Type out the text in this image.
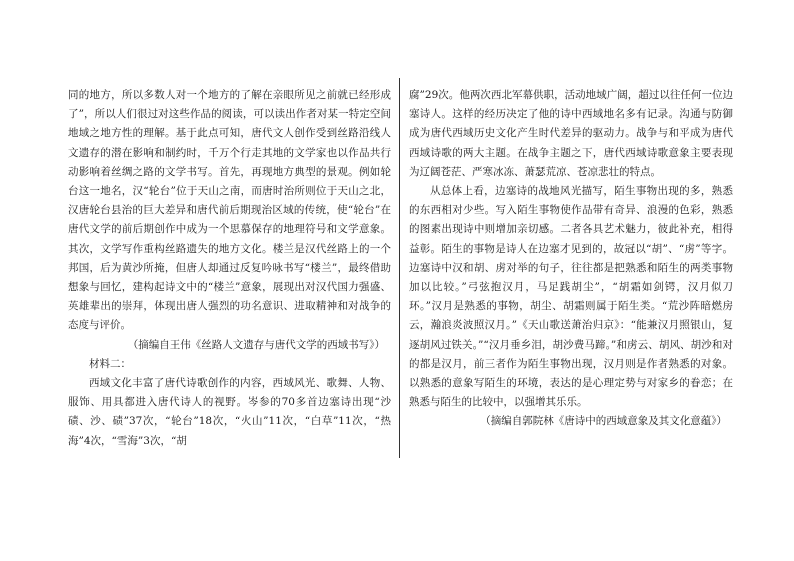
同的地方，所以多数人对一个地方的了解在亲眼所见之前就已经形成了”，所以人们很过对这些作品的阅读，可以读出作者对某一特定空间地域之地方性的理解。基于此点可知，唐代文人创作受到丝路沿线人文遗存的潜在影响和制约时，千万个行走其地的文学家也以作品共行动影响着丝绸之路的文学书写。首先，再现地方典型的景观。例如轮台这一地名，汉“轮台”位于天山之南，而唐时治所则位于天山之北，汉唐轮台县治的巨大差异和唐代前后期现治区域的传统，使“轮台”在唐代文学的前后期创作中成为一个思慕保存的地理符号和文学意象。其次，文学写作重构丝路遗失的地方文化。楼兰是汉代丝路上的一个邦国，后为黄沙所掩，但唐人却通过反复吟咏书写“楼兰”，最终借助想象与回忆，建构起诗文中的“楼兰”意象，展现出对汉代国力强盛、英雄辈出的崇拜，体现出唐人强烈的功名意识、进取精神和对战争的态度与评价。

（摘编自王伟《丝路人文遗存与唐代文学的西域书写》）

材料二：

西域文化丰富了唐代诗歌创作的内容，西域风光、歌舞、人物、服饰、用具都进入唐代诗人的视野。岑参的70多首边塞诗出现“沙碛、沙、碛”37次，“轮台”18次，“火山”11次，“白草”11次，“热海”4次，“雪海”3次，“胡

腐”29次。他两次西北军幕供职，活动地域广阔，超过以往任何一位边塞诗人。这样的经历决定了他的诗中西域地名多有记录。沟通与防御成为唐代西域历史文化产生时代差异的驱动力。战争与和平成为唐代西域诗歌的两大主题。在战争主题之下，唐代西域诗歌意象主要表现为辽阔苍茫、严寒冰冻、萧瑟荒凉、苍凉悲壮的特点。

从总体上看，边塞诗的战地风光描写，陌生事物出现的多，熟悉的东西相对少些。写入陌生事物使作品带有奇异、浪漫的色彩，熟悉的图素出现诗中则增加亲切感。二者各具艺术魅力，彼此补充，相得益彰。陌生的事物是诗人在边塞才见到的，故冠以“胡”、“虏”等字。边塞诗中汉和胡、虏对举的句子，往往都是把熟悉和陌生的两类事物加以比较。”弓弦抱汉月，马足践胡尘”，“胡霜如剑锷，汉月似刀环。”汉月是熟悉的事物，胡尘、胡霜则属于陌生类。“荒沙阵暗燃房云，瀚浪炎波照汉月。”《天山歌送萧治归京》：“能兼汉月照银山，复逐胡风过铁关。”“汉月垂乡泪，胡沙费马蹄。”和虏云、胡风、胡沙和对的都是汉月，前三者作为陌生事物出现，汉月则是作者熟悉的对象。以熟悉的意象写陌生的环境，表达的是心理定势与对家乡的眷恋；在熟悉与陌生的比较中，以强增其乐乐。

（摘编自郭院林《唐诗中的西域意象及其文化意蕴》）
